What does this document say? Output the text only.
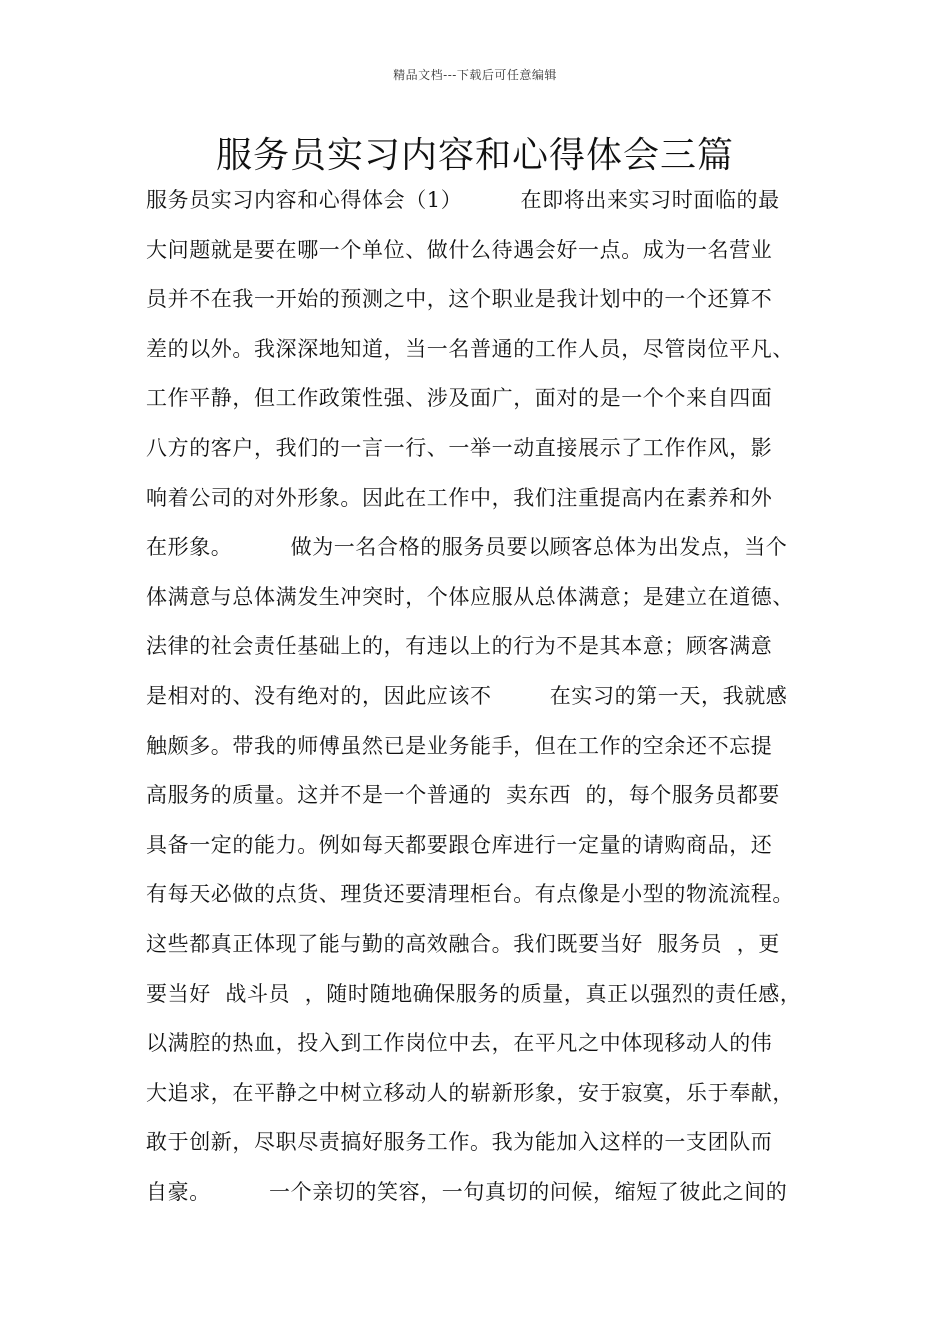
精品文档---下载后可任意编辑
服务员实习内容和心得体会三篇
服务员实习内容和心得体会（1）        在即将出来实习时面临的最
大问题就是要在哪一个单位、做什么待遇会好一点。成为一名营业
员并不在我一开始的预测之中，这个职业是我计划中的一个还算不
差的以外。我深深地知道，当一名普通的工作人员，尽管岗位平凡、
工作平静，但工作政策性强、涉及面广，面对的是一个个来自四面
八方的客户，我们的一言一行、一举一动直接展示了工作作风，影
响着公司的对外形象。因此在工作中，我们注重提高内在素养和外
在形象。        做为一名合格的服务员要以顾客总体为出发点，当个
体满意与总体满发生冲突时，个体应服从总体满意；是建立在道德、
法律的社会责任基础上的，有违以上的行为不是其本意；顾客满意
是相对的、没有绝对的，因此应该不        在实习的第一天，我就感
触颇多。带我的师傅虽然已是业务能手，但在工作的空余还不忘提
高服务的质量。这并不是一个普通的  卖东西  的，每个服务员都要
具备一定的能力。例如每天都要跟仓库进行一定量的请购商品，还
有每天必做的点货、理货还要清理柜台。有点像是小型的物流流程。
这些都真正体现了能与勤的高效融合。我们既要当好  服务员  ，更
要当好  战斗员  ，随时随地确保服务的质量，真正以强烈的责任感，
以满腔的热血，投入到工作岗位中去，在平凡之中体现移动人的伟
大追求，在平静之中树立移动人的崭新形象，安于寂寞，乐于奉献，
敢于创新，尽职尽责搞好服务工作。我为能加入这样的一支团队而
自豪。        一个亲切的笑容，一句真切的问候，缩短了彼此之间的
